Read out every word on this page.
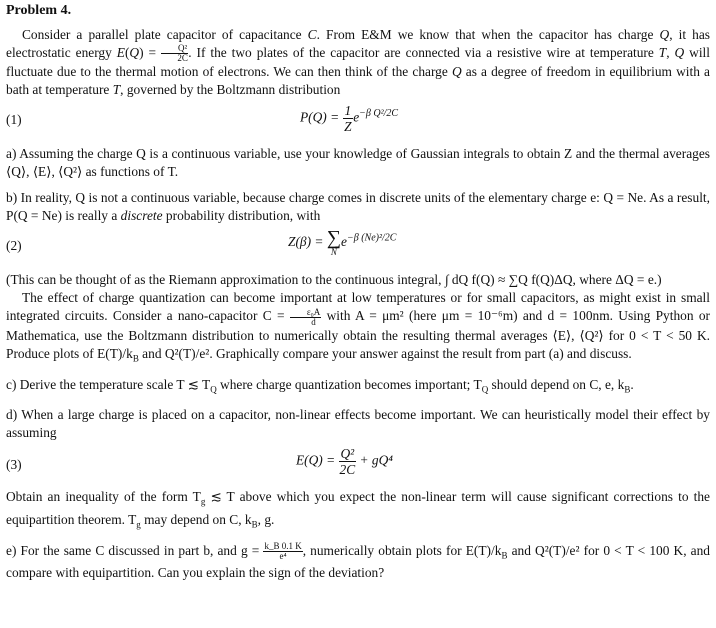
Problem 4.
Consider a parallel plate capacitor of capacitance C. From E&M we know that when the capacitor has charge Q, it has electrostatic energy $E(Q) = \frac{\text{Q²}}{2C}$ . If the two plates of the capacitor are connected via a resistive wire at temperature T, Q will fluctuate due to the thermal motion of electrons. We can then think of the charge Q as a degree of freedom in equilibrium with a bath at temperature T, governed by the Boltzmann distribution
(1)	$P(Q) = \frac{1}{Z} e^{-\beta Q^2/2C}$
a) Assuming the charge Q is a continuous variable, use your knowledge of Gaussian integrals to obtain Z and the thermal averages ⟨Q⟩, ⟨E⟩, ⟨Q²⟩ as functions of T.
b) In reality, Q is not a continuous variable, because charge comes in discrete units of the elementary charge e: Q = Ne. As a result, P(Q = Ne) is really a discrete probability distribution, with
(2)	Z(β) = ∑
N
$e^{-\beta (Ne)^2/2C}$
(This can be thought of as the Riemann approximation to the continuous integral, ∫ dQ f(Q) ≈ ∑Q f(Q)ΔQ, where ΔQ = e.)
The effect of charge quantization can become important at low temperatures or for small capacitors, as might exist in small integrated circuits. Consider a nano-capacitor $C = \frac{\text{ε₀A}}{d}$ with A = μm² (here μm = 10⁻⁶m) and d = 100nm. Using Python or Mathematica, use the Boltzmann distribution to numerically obtain the resulting thermal averages ⟨E⟩, ⟨Q²⟩ for 0 < T < 50 K. Produce plots of $E(T)/k_B$ and Q²(T)/e². Graphically compare your answer against the result from part (a) and discuss.
c) Derive the temperature scale T ≲ $T_Q$ where charge quantization becomes important; $T_Q$ should depend on C, e, $k_B$.
d) When a large charge is placed on a capacitor, non-linear effects become important. We can heuristically model their effect by assuming
(3)	$E(Q) = \frac{\text{Q²}}{2C} + gQ^4$
Obtain an inequality of the form $T_g$ ≲ T above which you expect the non-linear term will cause significant corrections to the equipartition theorem. $T_g$ may depend on C, $k_B$, g.
e) For the same C discussed in part b, and $g = \frac{k\_B 0.1 K}{\text{e⁴}}$ , numerically obtain plots for $E(T)/k_B$ and Q²(T)/e² for 0 < T < 100 K, and compare with equipartition. Can you explain the sign of the deviation?
